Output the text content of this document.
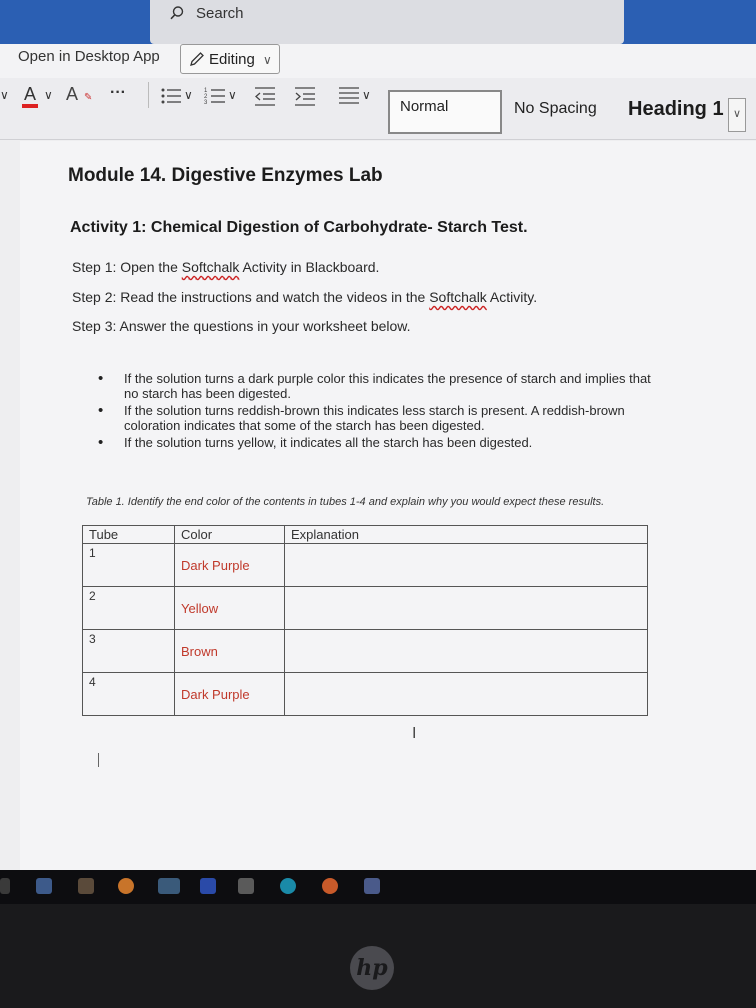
Search
Open in Desktop App	Editing ∨
∨ A ∨ A ✎ ···	∨ 1
2
3
∨	∨
Normal	No Spacing Heading 1 ∨
Module 14. Digestive Enzymes Lab
Activity 1: Chemical Digestion of Carbohydrate- Starch Test.
Step 1: Open the Softchalk Activity in Blackboard.
Step 2: Read the instructions and watch the videos in the Softchalk Activity.
Step 3: Answer the questions in your worksheet below.
• If the solution turns a dark purple color this indicates the presence of starch and implies that no starch has been digested.
• If the solution turns reddish-brown this indicates less starch is present. A reddish-brown coloration indicates that some of the starch has been digested.
• If the solution turns yellow, it indicates all the starch has been digested.
Table 1. Identify the end color of the contents in tubes 1-4 and explain why you would expect these results.
Tube	Color	Explanation
1	Dark Purple	
2	Yellow	
3	Brown	
4	Dark Purple	
I
hp
